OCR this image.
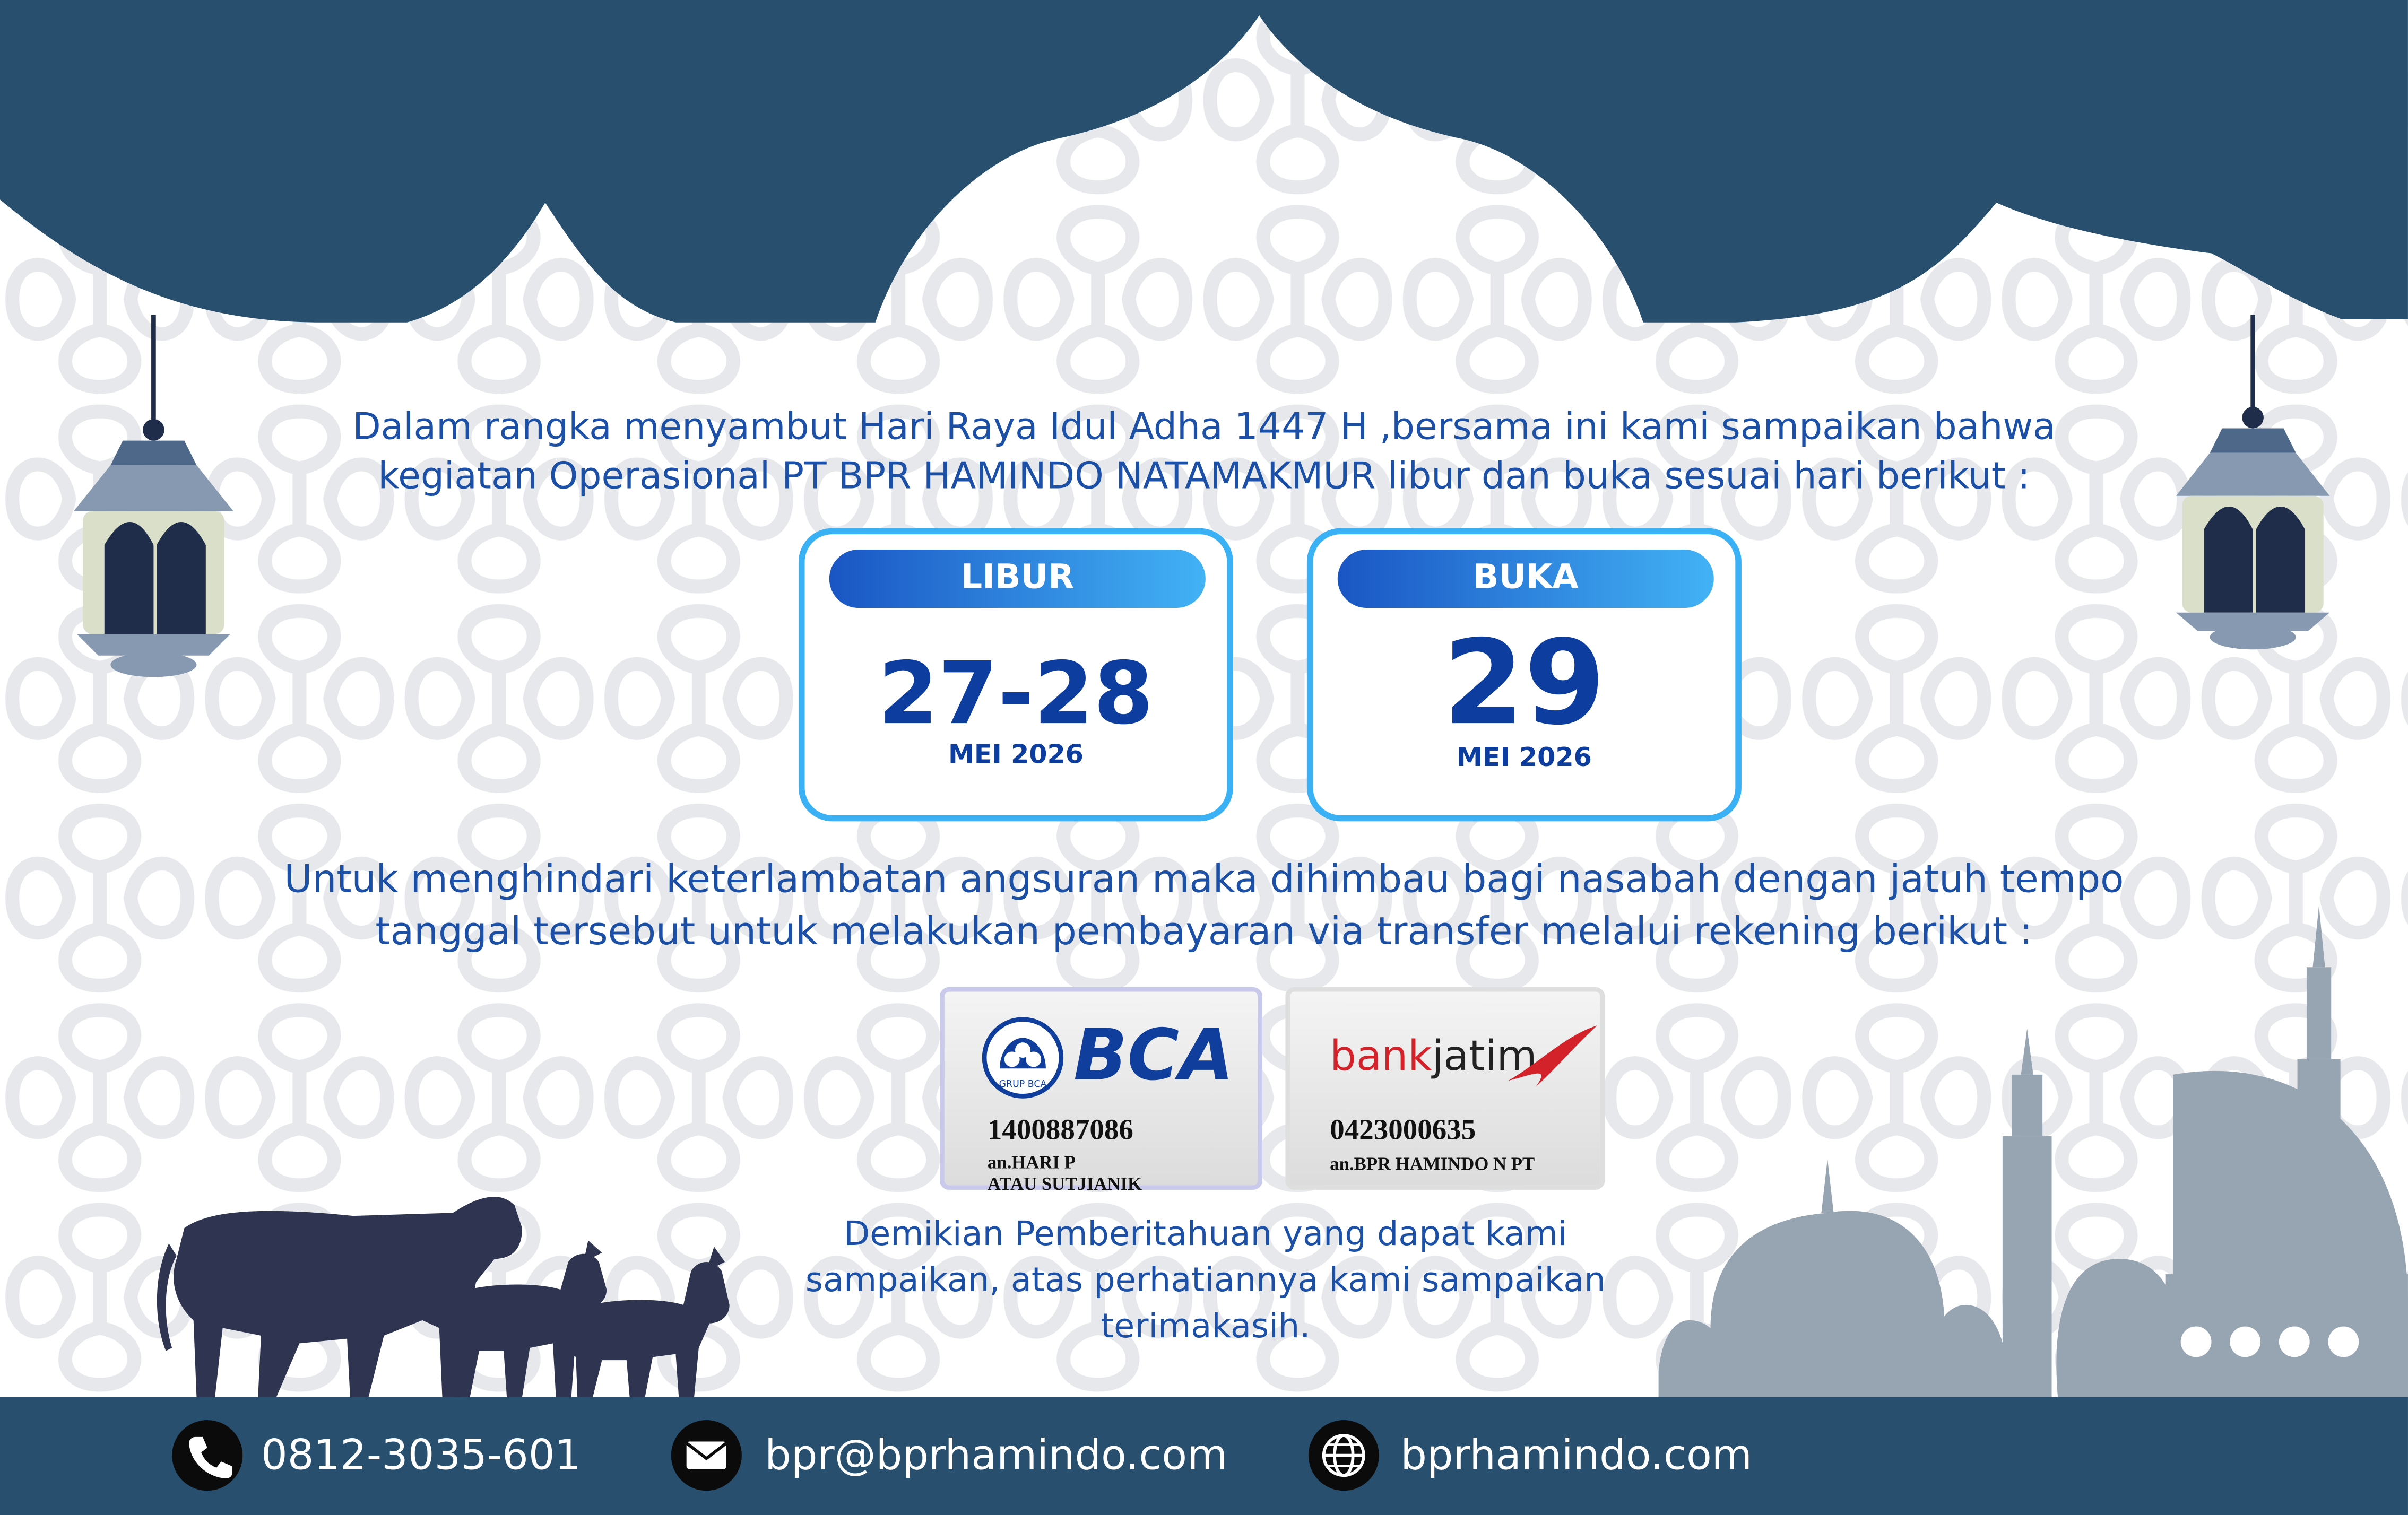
Dalam rangka menyambut Hari Raya Idul Adha 1447 H ,bersama ini kami sampaikan bahwa
kegiatan Operasional PT BPR HAMINDO NATAMAKMUR libur dan buka sesuai hari berikut :
LIBUR
27-28
MEI 2026
BUKA
29
MEI 2026
Untuk menghindari keterlambatan angsuran maka dihimbau bagi nasabah dengan jatuh tempo
tanggal tersebut untuk melakukan pembayaran via transfer melalui rekening berikut :
GRUP BCA BCA
1400887086
an.HARI P
ATAU SUTJIANIK
bankjatim
0423000635
an.BPR HAMINDO N PT
Demikian Pemberitahuan yang dapat kami
sampaikan, atas perhatiannya kami sampaikan
terimakasih.
0812-3035-601	bpr@bprhamindo.com	bprhamindo.com
